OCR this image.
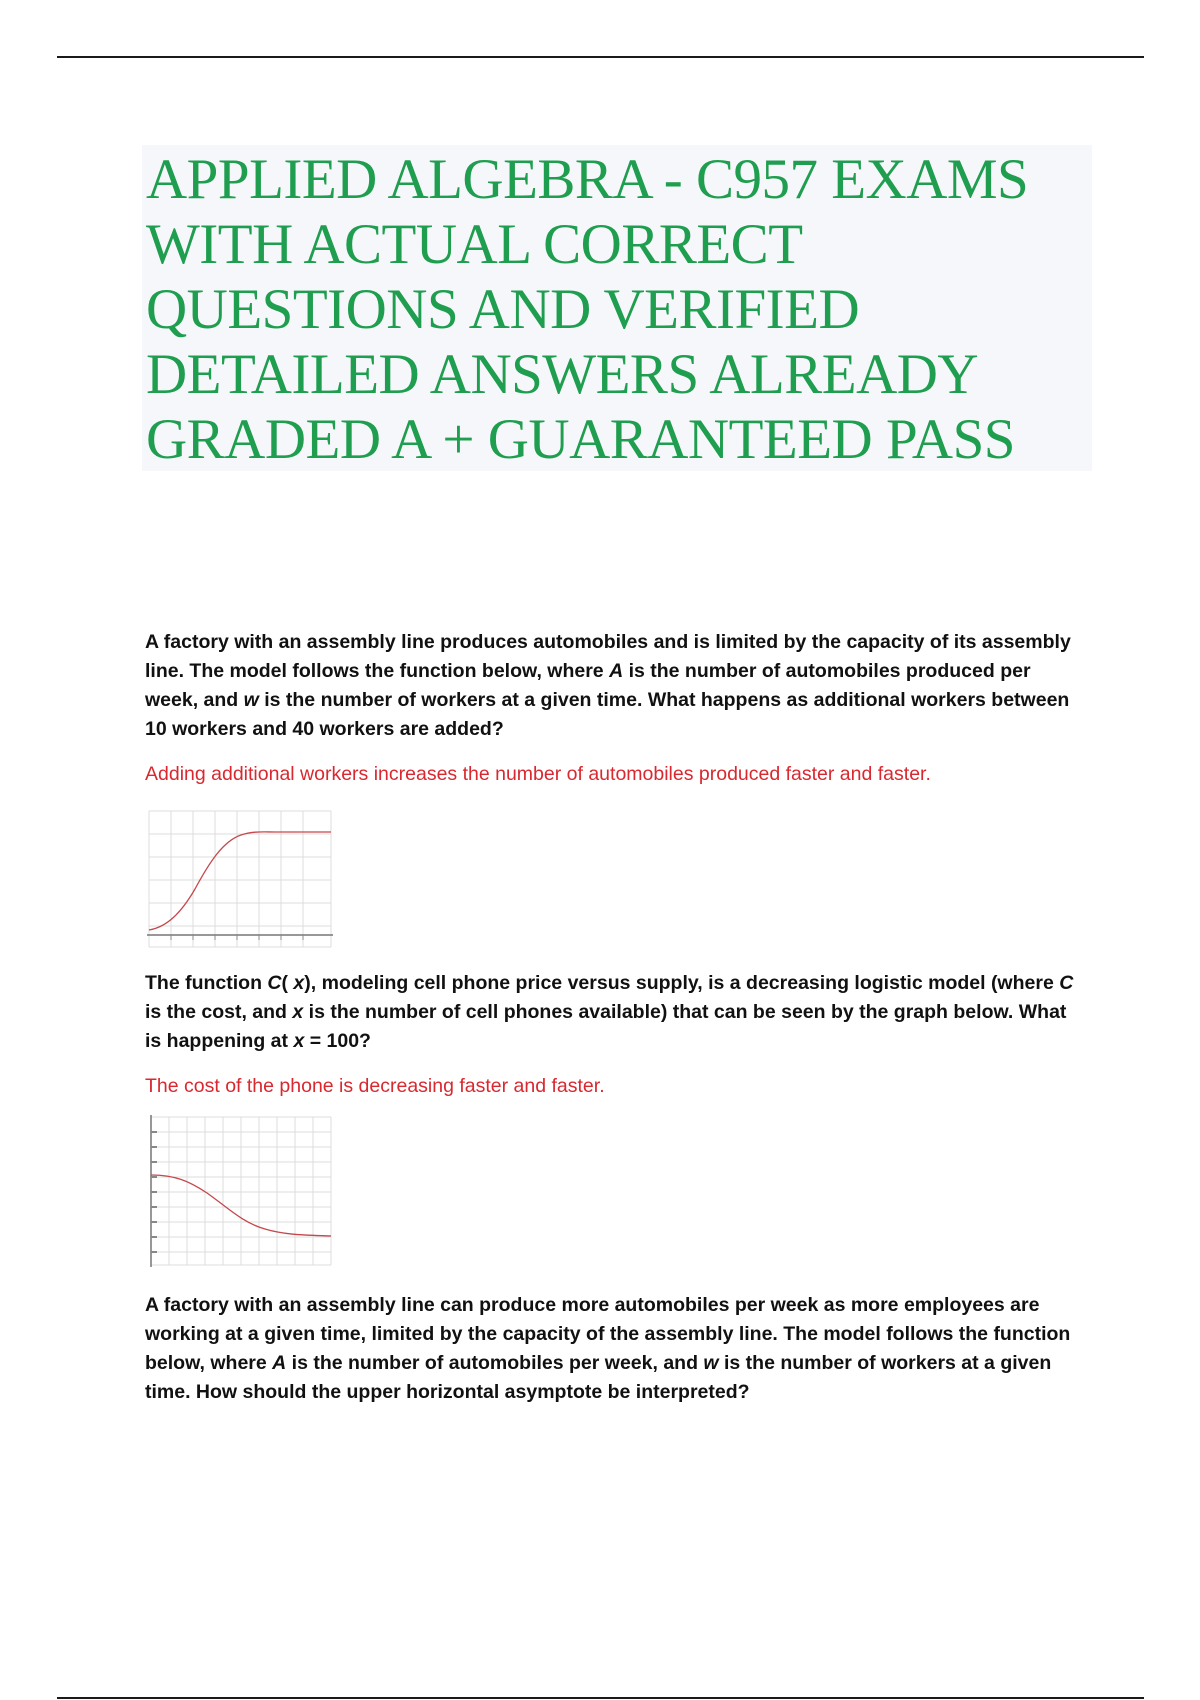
APPLIED ALGEBRA - C957 EXAMS WITH ACTUAL CORRECT QUESTIONS AND VERIFIED DETAILED ANSWERS ALREADY GRADED A + GUARANTEED PASS

A factory with an assembly line produces automobiles and is limited by the capacity of its assembly line. The model follows the function below, where A is the number of automobiles produced per week, and w is the number of workers at a given time. What happens as additional workers between 10 workers and 40 workers are added?

Adding additional workers increases the number of automobiles produced faster and faster.

The function C( x), modeling cell phone price versus supply, is a decreasing logistic model (where C is the cost, and x is the number of cell phones available) that can be seen by the graph below. What is happening at x = 100?

The cost of the phone is decreasing faster and faster.

A factory with an assembly line can produce more automobiles per week as more employees are working at a given time, limited by the capacity of the assembly line. The model follows the function below, where A is the number of automobiles per week, and w is the number of workers at a given time. How should the upper horizontal asymptote be interpreted?
